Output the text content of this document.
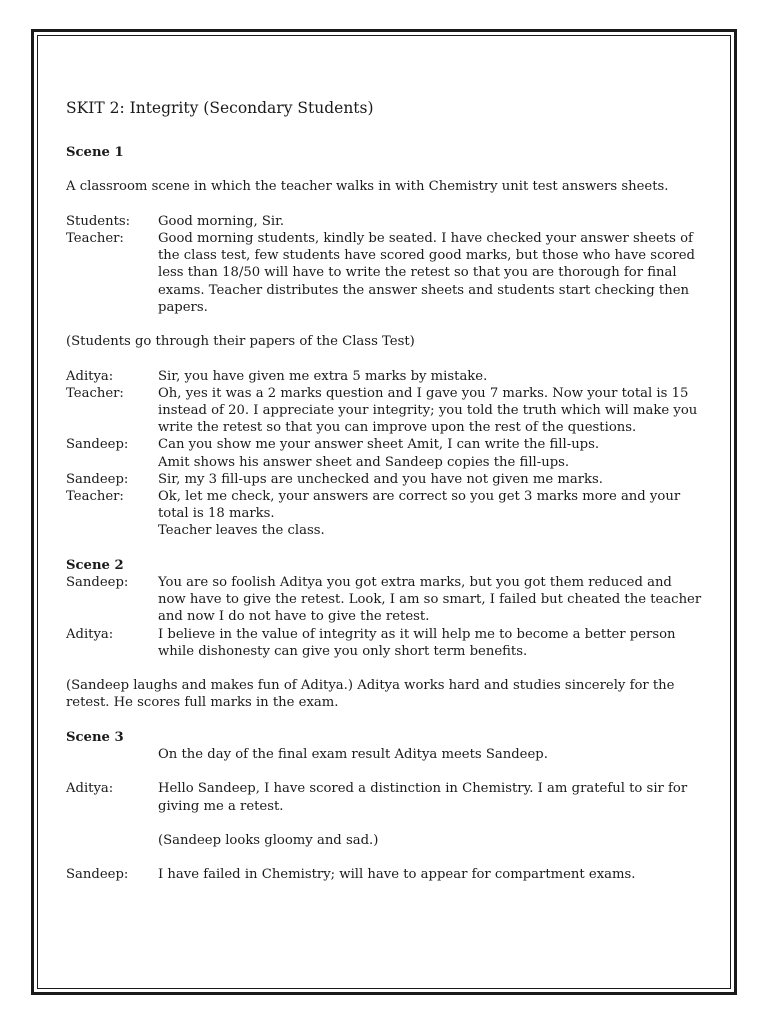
SKIT 2: Integrity (Secondary Students)

Scene 1

A classroom scene in which the teacher walks in with Chemistry unit test answers sheets.

Students:	Good morning, Sir.
Teacher:	Good morning students, kindly be seated. I have checked your answer sheets of the class test, few students have scored good marks, but those who have scored less than 18/50 will have to write the retest so that you are thorough for final exams. Teacher distributes the answer sheets and students start checking then papers.

(Students go through their papers of the Class Test)

Aditya:	Sir, you have given me extra 5 marks by mistake.
Teacher:	Oh, yes it was a 2 marks question and I gave you 7 marks. Now your total is 15 instead of 20. I appreciate your integrity; you told the truth which will make you write the retest so that you can improve upon the rest of the questions.
Sandeep:	Can you show me your answer sheet Amit, I can write the fill-ups.
Amit shows his answer sheet and Sandeep copies the fill-ups.
Sandeep:	Sir, my 3 fill-ups are unchecked and you have not given me marks.
Teacher:	Ok, let me check, your answers are correct so you get 3 marks more and your total is 18 marks.
Teacher leaves the class.

Scene 2

Sandeep:	You are so foolish Aditya you got extra marks, but you got them reduced and now have to give the retest. Look, I am so smart, I failed but cheated the teacher and now I do not have to give the retest.
Aditya:	I believe in the value of integrity as it will help me to become a better person while dishonesty can give you only short term benefits.

(Sandeep laughs and makes fun of Aditya.) Aditya works hard and studies sincerely for the retest. He scores full marks in the exam.

Scene 3

On the day of the final exam result Aditya meets Sandeep.

Aditya:	Hello Sandeep, I have scored a distinction in Chemistry. I am grateful to sir for giving me a retest.

(Sandeep looks gloomy and sad.)

Sandeep:	I have failed in Chemistry; will have to appear for compartment exams.
